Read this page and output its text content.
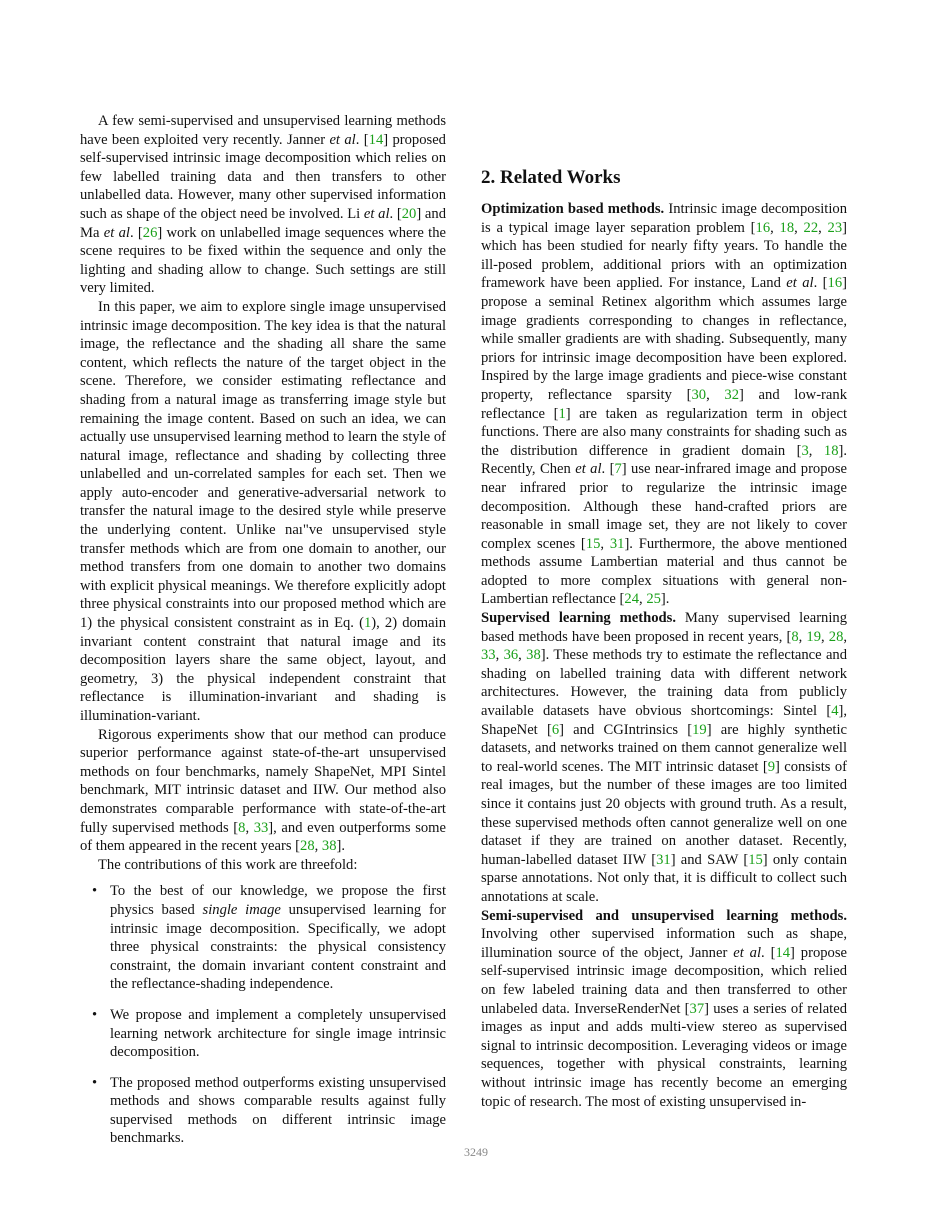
A few semi-supervised and unsupervised learning methods have been exploited very recently. Janner et al. [14] proposed self-supervised intrinsic image decomposition which relies on few labelled training data and then transfers to other unlabelled data. However, many other supervised information such as shape of the object need be involved. Li et al. [20] and Ma et al. [26] work on unlabelled image sequences where the scene requires to be fixed within the sequence and only the lighting and shading allow to change. Such settings are still very limited.

In this paper, we aim to explore single image unsupervised intrinsic image decomposition. The key idea is that the natural image, the reflectance and the shading all share the same content, which reflects the nature of the target object in the scene. Therefore, we consider estimating reflectance and shading from a natural image as transferring image style but remaining the image content. Based on such an idea, we can actually use unsupervised learning method to learn the style of natural image, reflectance and shading by collecting three unlabelled and un-correlated samples for each set. Then we apply auto-encoder and generative-adversarial network to transfer the natural image to the desired style while preserve the underlying content. Unlike naı"ve unsupervised style transfer methods which are from one domain to another, our method transfers from one domain to another two domains with explicit physical meanings. We therefore explicitly adopt three physical constraints into our proposed method which are 1) the physical consistent constraint as in Eq. (1), 2) domain invariant content constraint that natural image and its decomposition layers share the same object, layout, and geometry, 3) the physical independent constraint that reflectance is illumination-invariant and shading is illumination-variant.

Rigorous experiments show that our method can produce superior performance against state-of-the-art unsupervised methods on four benchmarks, namely ShapeNet, MPI Sintel benchmark, MIT intrinsic dataset and IIW. Our method also demonstrates comparable performance with state-of-the-art fully supervised methods [8, 33], and even outperforms some of them appeared in the recent years [28, 38].

The contributions of this work are threefold:

• To the best of our knowledge, we propose the first physics based single image unsupervised learning for intrinsic image decomposition. Specifically, we adopt three physical constraints: the physical consistency constraint, the domain invariant content constraint and the reflectance-shading independence.
• We propose and implement a completely unsupervised learning network architecture for single image intrinsic decomposition.
• The proposed method outperforms existing unsupervised methods and shows comparable results against fully supervised methods on different intrinsic image benchmarks.
2. Related Works

Optimization based methods. Intrinsic image decomposition is a typical image layer separation problem [16, 18, 22, 23] which has been studied for nearly fifty years. To handle the ill-posed problem, additional priors with an optimization framework have been applied. For instance, Land et al. [16] propose a seminal Retinex algorithm which assumes large image gradients corresponding to changes in reflectance, while smaller gradients are with shading. Subsequently, many priors for intrinsic image decomposition have been explored. Inspired by the large image gradients and piece-wise constant property, reflectance sparsity [30, 32] and low-rank reflectance [1] are taken as regularization term in object functions. There are also many constraints for shading such as the distribution difference in gradient domain [3, 18]. Recently, Chen et al. [7] use near-infrared image and propose near infrared prior to regularize the intrinsic image decomposition. Although these hand-crafted priors are reasonable in small image set, they are not likely to cover complex scenes [15, 31]. Furthermore, the above mentioned methods assume Lambertian material and thus cannot be adopted to more complex situations with general non-Lambertian reflectance [24, 25].

Supervised learning methods. Many supervised learning based methods have been proposed in recent years, [8, 19, 28, 33, 36, 38]. These methods try to estimate the reflectance and shading on labelled training data with different network architectures. However, the training data from publicly available datasets have obvious shortcomings: Sintel [4], ShapeNet [6] and CGIntrinsics [19] are highly synthetic datasets, and networks trained on them cannot generalize well to real-world scenes. The MIT intrinsic dataset [9] consists of real images, but the number of these images are too limited since it contains just 20 objects with ground truth. As a result, these supervised methods often cannot generalize well on one dataset if they are trained on another dataset. Recently, human-labelled dataset IIW [31] and SAW [15] only contain sparse annotations. Not only that, it is difficult to collect such annotations at scale.

Semi-supervised and unsupervised learning methods. Involving other supervised information such as shape, illumination source of the object, Janner et al. [14] propose self-supervised intrinsic image decomposition, which relied on few labeled training data and then transferred to other unlabeled data. InverseRenderNet [37] uses a series of related images as input and adds multi-view stereo as supervised signal to intrinsic decomposition. Leveraging videos or image sequences, together with physical constraints, learning without intrinsic image has recently become an emerging topic of research. The most of existing unsupervised in-

3249
